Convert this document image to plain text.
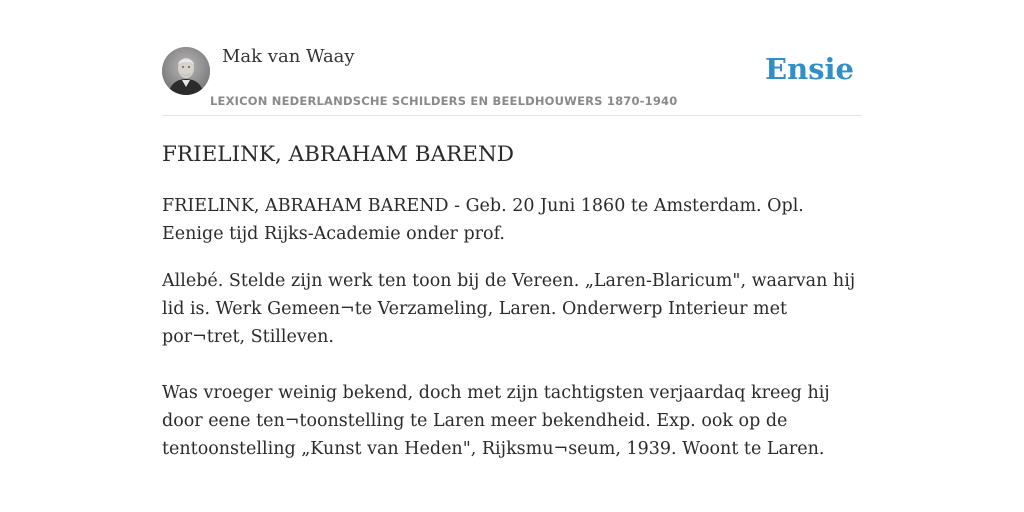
Mak van Waay
LEXICON NEDERLANDSCHE SCHILDERS EN BEELDHOUWERS 1870-1940
Ensie
FRIELINK, ABRAHAM BAREND

FRIELINK, ABRAHAM BAREND - Geb. 20 Juni 1860 te Amsterdam. Opl. Eenige tijd Rijks-Academie onder prof.

Allebé. Stelde zijn werk ten toon bij de Vereen. „Laren-Blaricum", waarvan hij lid is. Werk Gemeen¬te Verzameling, Laren. Onderwerp Interieur met por¬tret, Stilleven.

Was vroeger weinig bekend, doch met zijn tachtigsten verjaardaq kreeg hij door eene ten¬toonstelling te Laren meer bekendheid. Exp. ook op de tentoonstelling „Kunst van Heden", Rijksmu¬seum, 1939. Woont te Laren.
